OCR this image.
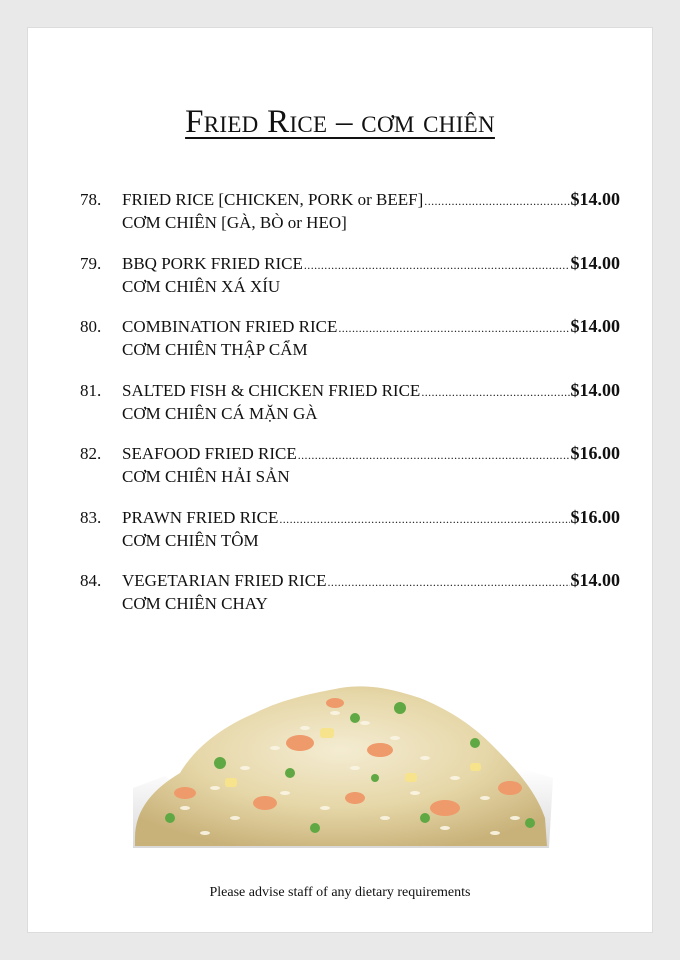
Fried Rice – cơm chiên
78.	FRIED RICE [CHICKEN, PORK or BEEF] .....	$14.00
CƠM CHIÊN [GÀ, BÒ or HEO]
79.	BBQ PORK FRIED RICE .....	$14.00
CƠM CHIÊN XÁ XÍU
80.	COMBINATION FRIED RICE .....	$14.00
CƠM CHIÊN THẬP CẨM
81.	SALTED FISH & CHICKEN FRIED RICE .....	$14.00
CƠM CHIÊN CÁ MẶN GÀ
82.	SEAFOOD FRIED RICE .....	$16.00
CƠM CHIÊN HẢI SẢN
83.	PRAWN FRIED RICE .....	$16.00
CƠM CHIÊN TÔM
84.	VEGETARIAN FRIED RICE .....	$14.00
CƠM CHIÊN CHAY
Please advise staff of any dietary requirements
